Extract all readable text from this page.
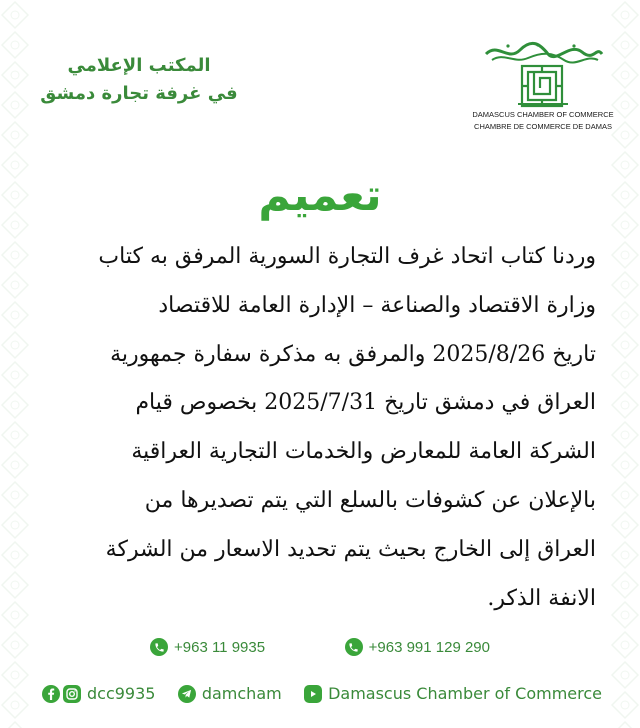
المكتب الإعلامي
في غرفة تجارة دمشق
DAMASCUS CHAMBER OF COMMERCE
CHAMBRE DE COMMERCE DE DAMAS
تعميم
وردنا كتاب اتحاد غرف التجارة السورية المرفق به كتاب
وزارة الاقتصاد والصناعة – الإدارة العامة للاقتصاد
تاريخ 2025/8/26 والمرفق به مذكرة سفارة جمهورية
العراق في دمشق تاريخ 2025/7/31 بخصوص قيام
الشركة العامة للمعارض والخدمات التجارية العراقية
بالإعلان عن كشوفات بالسلع التي يتم تصديرها من
العراق إلى الخارج بحيث يتم تحديد الاسعار من الشركة
الانفة الذكر.
+963 11 9935	+963 991 129 290
dcc9935	damcham	Damascus Chamber of Commerce
